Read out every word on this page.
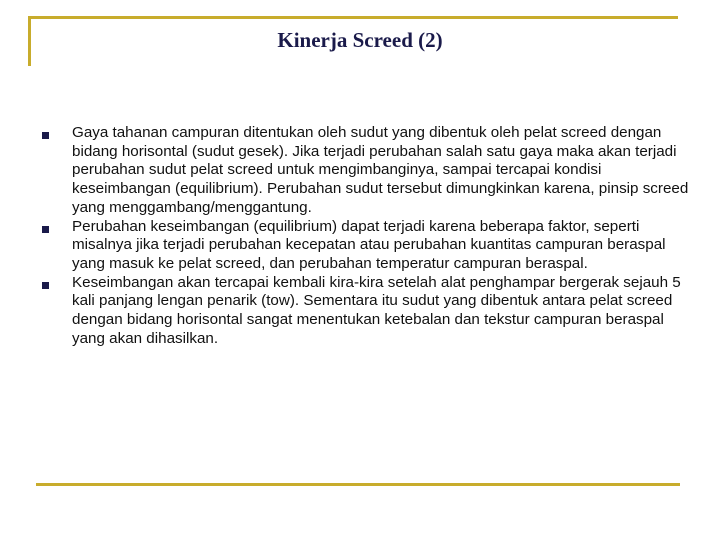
Kinerja Screed (2)
Gaya tahanan campuran ditentukan oleh sudut yang dibentuk oleh pelat screed dengan bidang horisontal (sudut gesek). Jika terjadi perubahan salah satu gaya maka akan terjadi perubahan sudut pelat screed untuk mengimbanginya, sampai tercapai kondisi keseimbangan (equilibrium). Perubahan sudut tersebut dimungkinkan karena, pinsip screed yang menggambang/menggantung.
Perubahan keseimbangan (equilibrium) dapat terjadi karena beberapa faktor, seperti misalnya jika terjadi perubahan kecepatan atau perubahan kuantitas campuran beraspal yang masuk ke pelat screed, dan perubahan temperatur campuran beraspal.
Keseimbangan akan tercapai kembali kira-kira setelah alat penghampar bergerak sejauh 5 kali panjang lengan penarik (tow). Sementara itu sudut yang dibentuk antara pelat screed dengan bidang horisontal sangat menentukan ketebalan dan tekstur campuran beraspal yang akan dihasilkan.
